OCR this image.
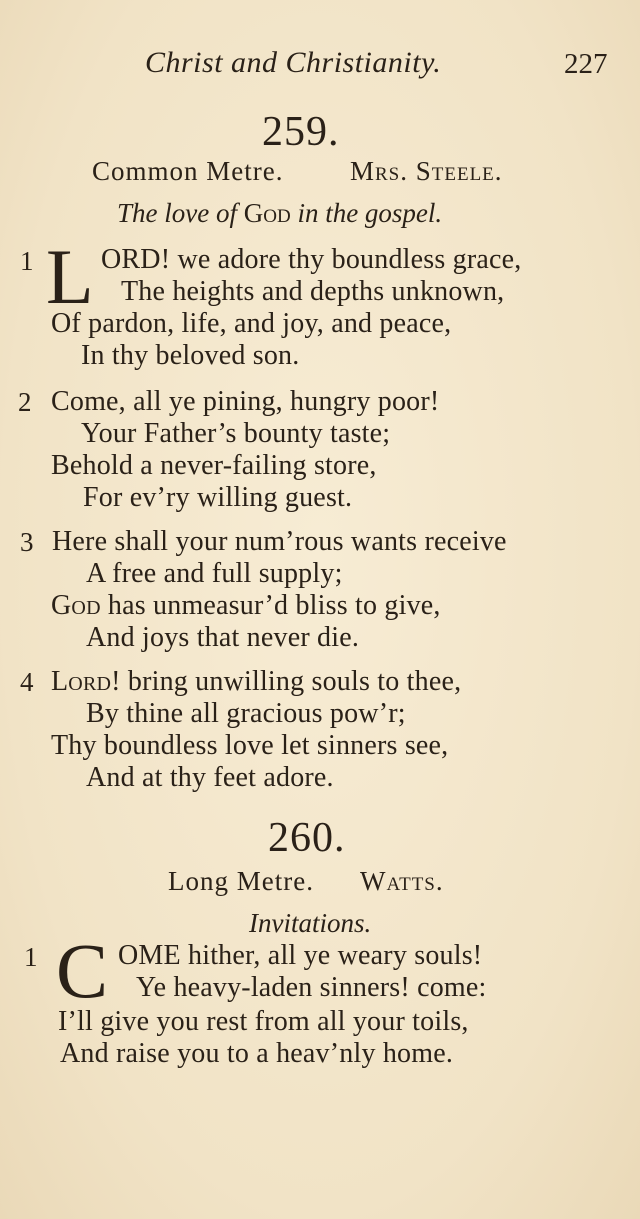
Christ and Christianity.	227
259.
Common Metre. Mrs. Steele.
The love of God in the gospel.
1 L ORD! we adore thy boundless grace,
The heights and depths unknown,
Of pardon, life, and joy, and peace,
In thy beloved son.
2 Come, all ye pining, hungry poor!
Your Father’s bounty taste;
Behold a never-failing store,
For ev’ry willing guest.
3 Here shall your num’rous wants receive
A free and full supply;
God has unmeasur’d bliss to give,
And joys that never die.
4 Lord! bring unwilling souls to thee,
By thine all gracious pow’r;
Thy boundless love let sinners see,
And at thy feet adore.
260.
Long Metre. Watts.
Invitations.
1 C OME hither, all ye weary souls!
Ye heavy-laden sinners! come:
I’ll give you rest from all your toils,
And raise you to a heav’nly home.
